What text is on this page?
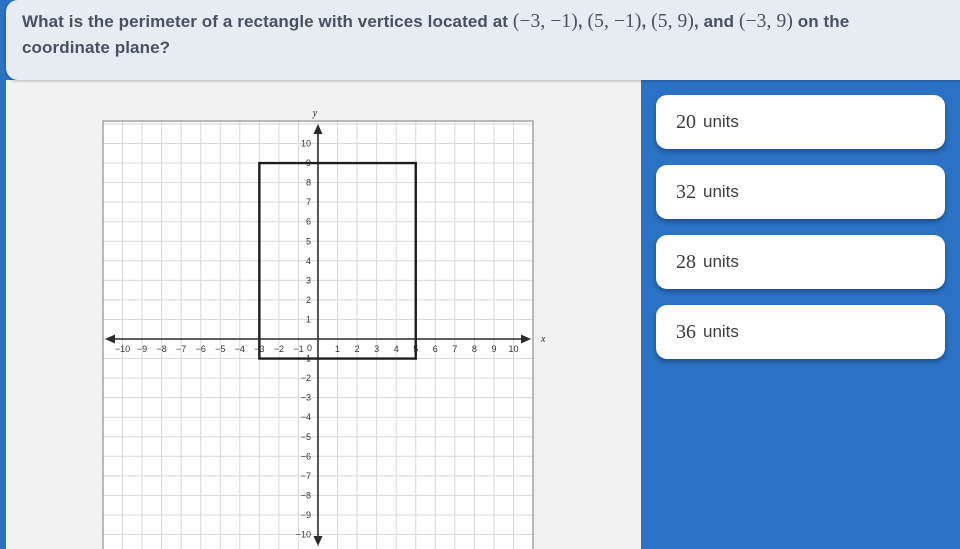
What is the perimeter of a rectangle with vertices located at (−3, −1), (5, −1), (5, 9), and (−3, 9) on the coordinate plane?

−10 −9 −8 −7 −6 −5 −4 −3 −2 −1	1 2 3 4 5 6 7 8 9 10
−10
−9
−8
−7
−6
−5
−4
−3
−2
−1
1
2
3
4
5
6
7
8
9
10
0
x
y	20 units
32 units
28 units
36 units
